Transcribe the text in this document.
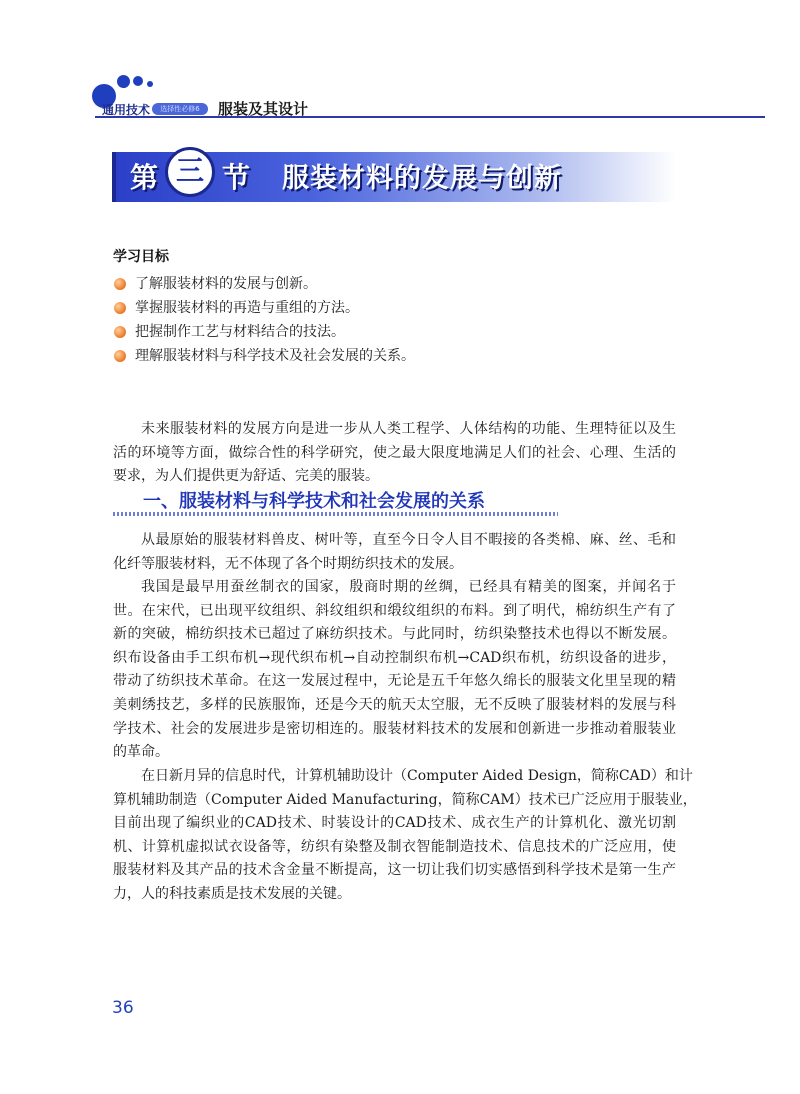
通用技术	选择性必修6	服装及其设计
第 三 节 服装材料的发展与创新
学习目标
了解服装材料的发展与创新。
掌握服装材料的再造与重组的方法。
把握制作工艺与材料结合的技法。
理解服装材料与科学技术及社会发展的关系。

未来服装材料的发展方向是进一步从人类工程学、人体结构的功能、生理特征以及生
活的环境等方面，做综合性的科学研究，使之最大限度地满足人们的社会、心理、生活的
要求，为人们提供更为舒适、完美的服装。

一、服装材料与科学技术和社会发展的关系

从最原始的服装材料兽皮、树叶等，直至今日令人目不暇接的各类棉、麻、丝、毛和
化纤等服装材料，无不体现了各个时期纺织技术的发展。

我国是最早用蚕丝制衣的国家，殷商时期的丝绸，已经具有精美的图案，并闻名于
世。在宋代，已出现平纹组织、斜纹组织和缎纹组织的布料。到了明代，棉纺织生产有了
新的突破，棉纺织技术已超过了麻纺织技术。与此同时，纺织染整技术也得以不断发展。
织布设备由手工织布机→现代织布机→自动控制织布机→CAD织布机，纺织设备的进步，
带动了纺织技术革命。在这一发展过程中，无论是五千年悠久绵长的服装文化里呈现的精
美刺绣技艺，多样的民族服饰，还是今天的航天太空服，无不反映了服装材料的发展与科
学技术、社会的发展进步是密切相连的。服装材料技术的发展和创新进一步推动着服装业
的革命。

在日新月异的信息时代，计算机辅助设计（Computer Aided Design，简称CAD）和计
算机辅助制造（Computer Aided Manufacturing，简称CAM）技术已广泛应用于服装业，
目前出现了编织业的CAD技术、时装设计的CAD技术、成衣生产的计算机化、激光切割
机、计算机虚拟试衣设备等，纺织有染整及制衣智能制造技术、信息技术的广泛应用，使
服装材料及其产品的技术含金量不断提高，这一切让我们切实感悟到科学技术是第一生产
力，人的科技素质是技术发展的关键。

36
